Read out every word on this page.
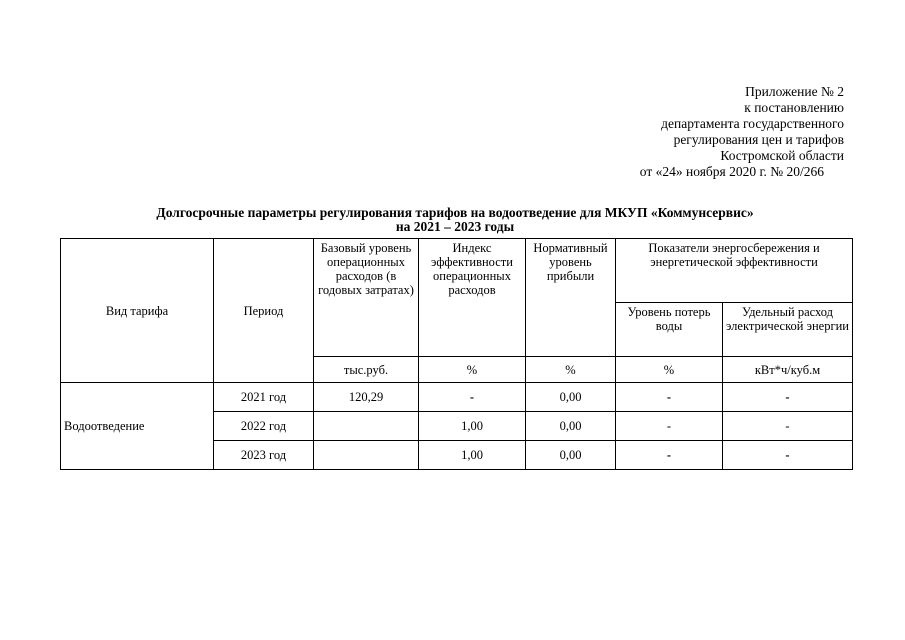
Приложение № 2
к постановлению
департамента государственного
регулирования цен и тарифов
Костромской области
от «24» ноября 2020 г. № 20/266
Долгосрочные параметры регулирования тарифов на водоотведение для МКУП «Коммунсервис»
на 2021 – 2023 годы
Вид тарифа	Период	Базовый уровень операционных расходов (в годовых затратах)	Индекс эффективности операционных расходов	Нормативный уровень прибыли	Показатели энергосбережения и энергетической эффективности	
					Уровень потерь воды	Удельный расход электрической энергии
		тыс.руб.	%	%	%	кВт*ч/куб.м
Водоотведение	2021 год	120,29	-	0,00	-	-
	2022 год		1,00	0,00	-	-
	2023 год		1,00	0,00	-	-
